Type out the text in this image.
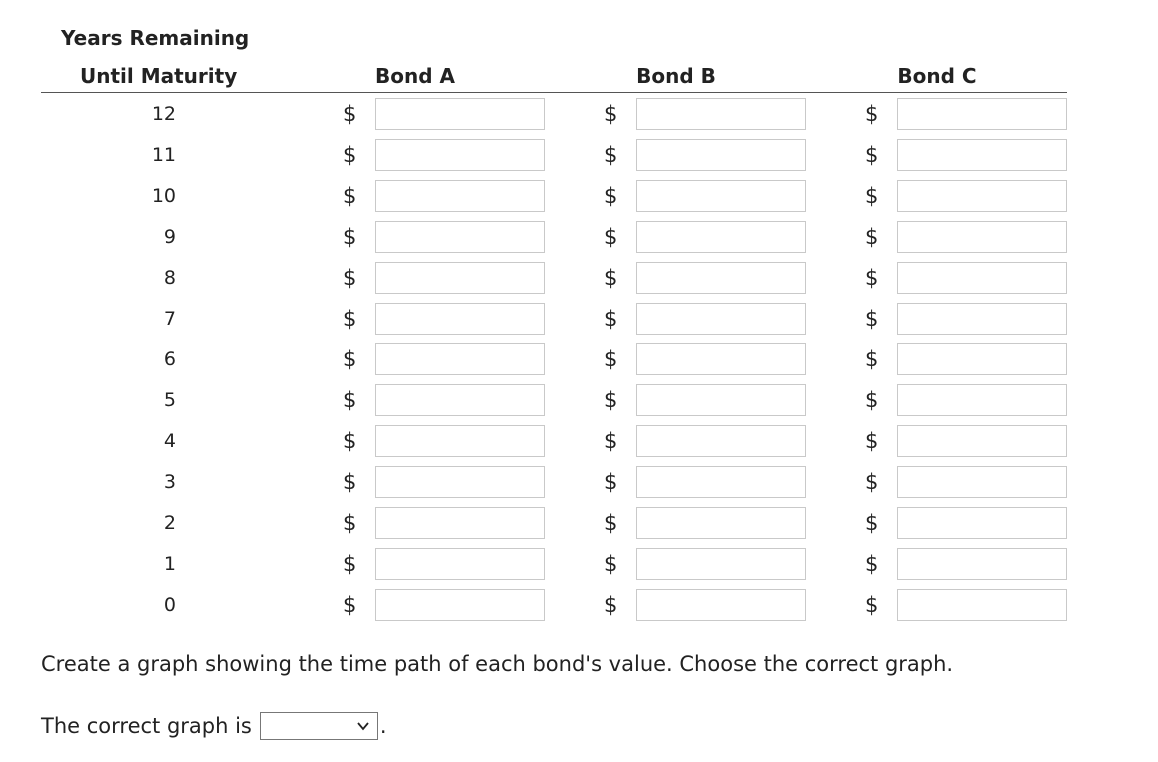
Years Remaining
Until Maturity	Bond A	Bond B	Bond C
12	$	$	$
11	$	$	$
10	$	$	$
9	$	$	$
8	$	$	$
7	$	$	$
6	$	$	$
5	$	$	$
4	$	$	$
3	$	$	$
2	$	$	$
1	$	$	$
0	$	$	$
Create a graph showing the time path of each bond's value. Choose the correct graph.
The correct graph is	.
